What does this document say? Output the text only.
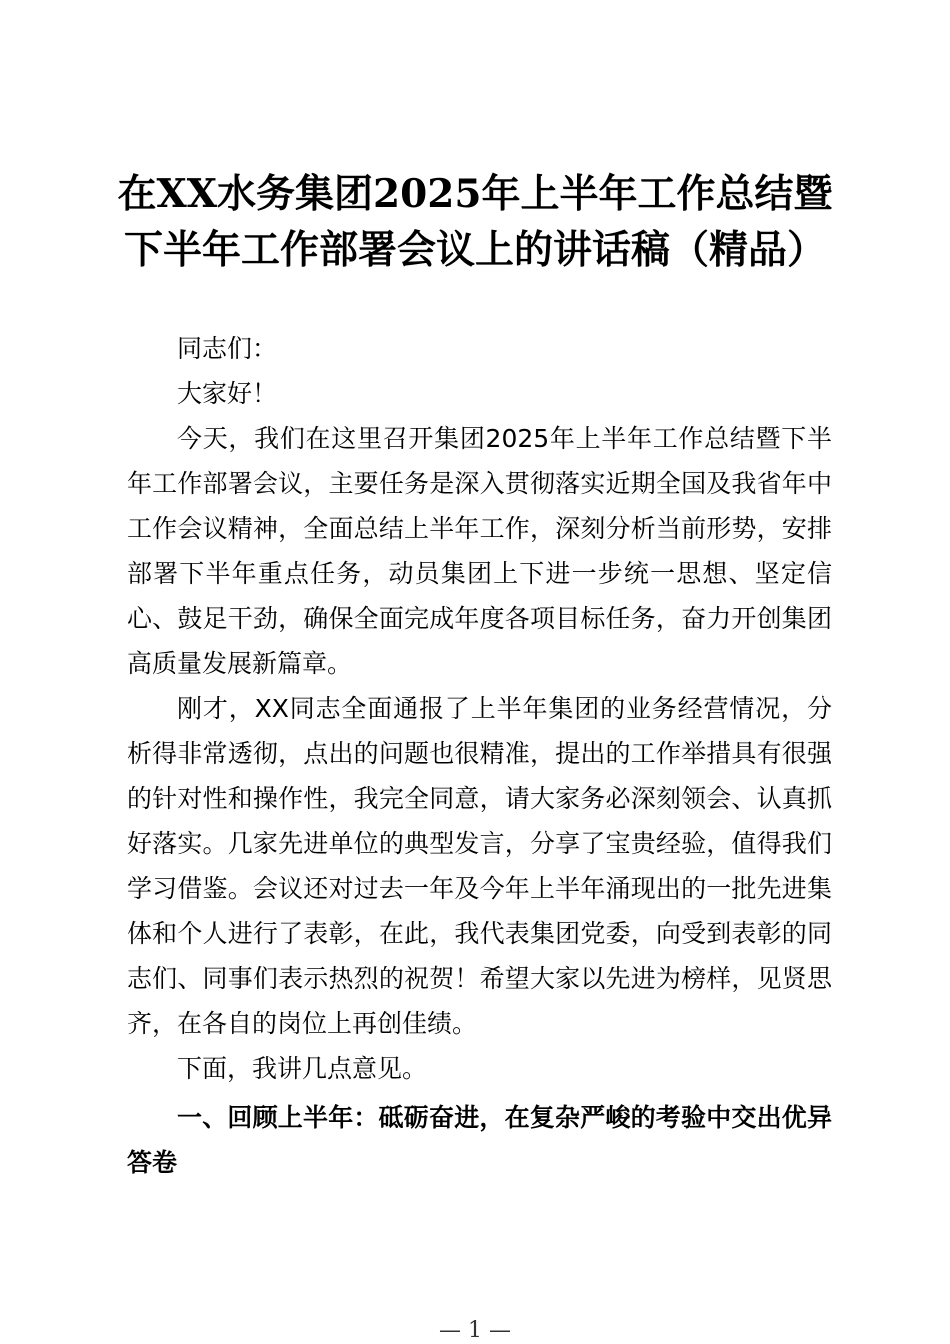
在XX水务集团2025年上半年工作总结暨下半年工作部署会议上的讲话稿（精品）

同志们：

大家好！

今天，我们在这里召开集团2025年上半年工作总结暨下半年工作部署会议，主要任务是深入贯彻落实近期全国及我省年中工作会议精神，全面总结上半年工作，深刻分析当前形势，安排部署下半年重点任务，动员集团上下进一步统一思想、坚定信心、鼓足干劲，确保全面完成年度各项目标任务，奋力开创集团高质量发展新篇章。

刚才，XX同志全面通报了上半年集团的业务经营情况，分析得非常透彻，点出的问题也很精准，提出的工作举措具有很强的针对性和操作性，我完全同意，请大家务必深刻领会、认真抓好落实。几家先进单位的典型发言，分享了宝贵经验，值得我们学习借鉴。会议还对过去一年及今年上半年涌现出的一批先进集体和个人进行了表彰，在此，我代表集团党委，向受到表彰的同志们、同事们表示热烈的祝贺！希望大家以先进为榜样，见贤思齐，在各自的岗位上再创佳绩。

下面，我讲几点意见。

一、回顾上半年：砥砺奋进，在复杂严峻的考验中交出优异答卷

— 1 —
